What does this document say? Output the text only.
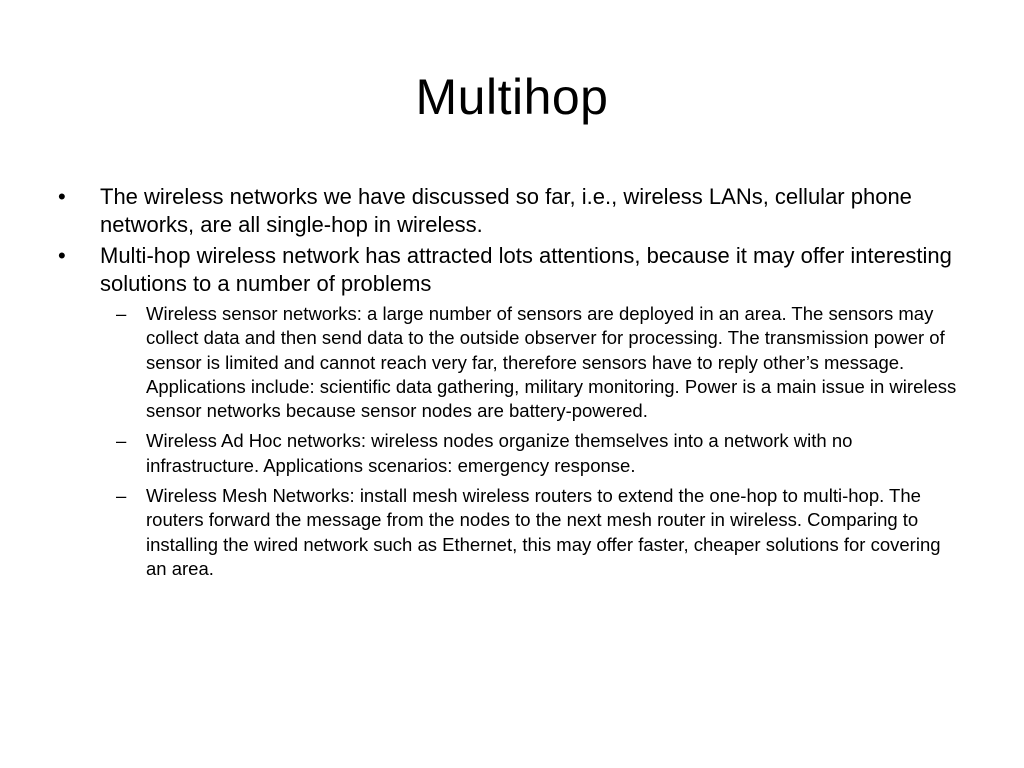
Multihop
•	The wireless networks we have discussed so far, i.e., wireless LANs, cellular phone networks, are all single-hop in wireless.
•	Multi-hop wireless network has attracted lots attentions, because it may offer interesting solutions to a number of problems
–	Wireless sensor networks: a large number of sensors are deployed in an area. The sensors may collect data and then send data to the outside observer for processing. The transmission power of sensor is limited and cannot reach very far, therefore sensors have to reply other’s message. Applications include: scientific data gathering, military monitoring. Power is a main issue in wireless sensor networks because sensor nodes are battery-powered.
–	Wireless Ad Hoc networks: wireless nodes organize themselves into a network with no infrastructure. Applications scenarios: emergency response.
–	Wireless Mesh Networks: install mesh wireless routers to extend the one-hop to multi-hop. The routers forward the message from the nodes to the next mesh router in wireless. Comparing to installing the wired network such as Ethernet, this may offer faster, cheaper solutions for covering an area.
